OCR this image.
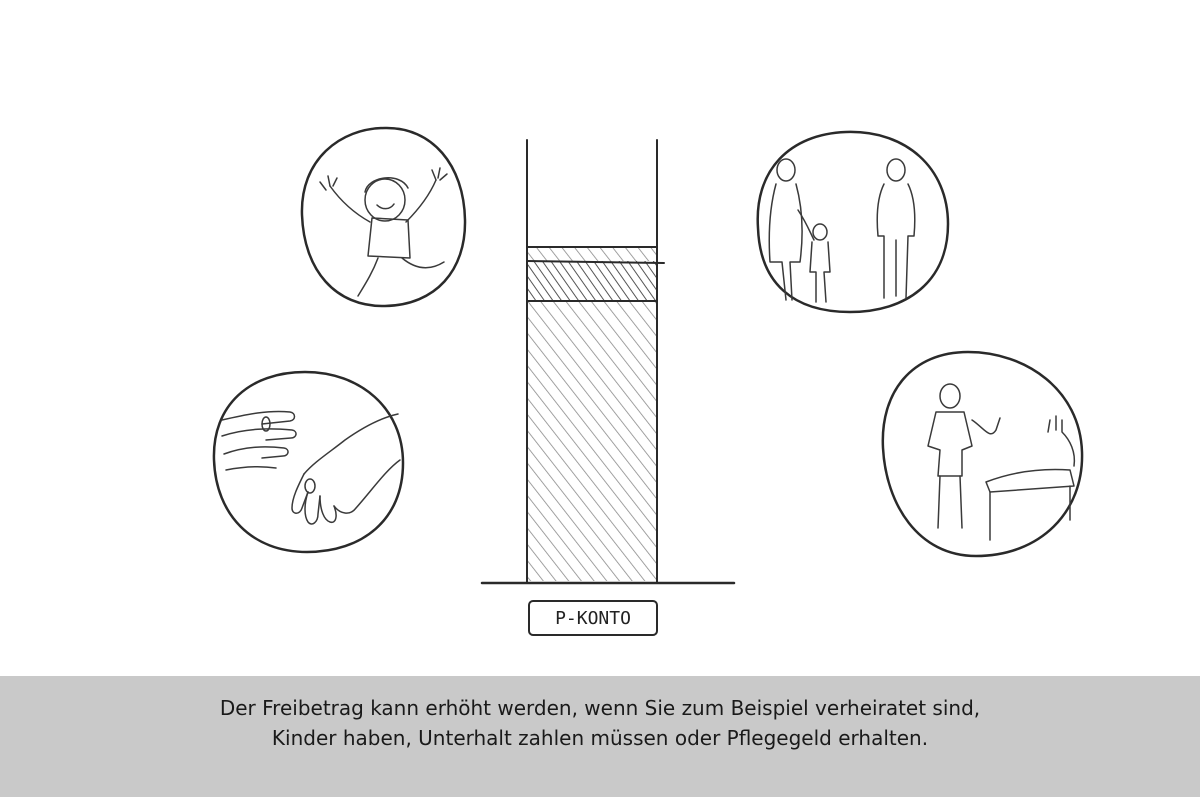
P-KONTO
Der Freibetrag kann erhöht werden, wenn Sie zum Beispiel verheiratet sind,
Kinder haben, Unterhalt zahlen müssen oder Pflegegeld erhalten.
